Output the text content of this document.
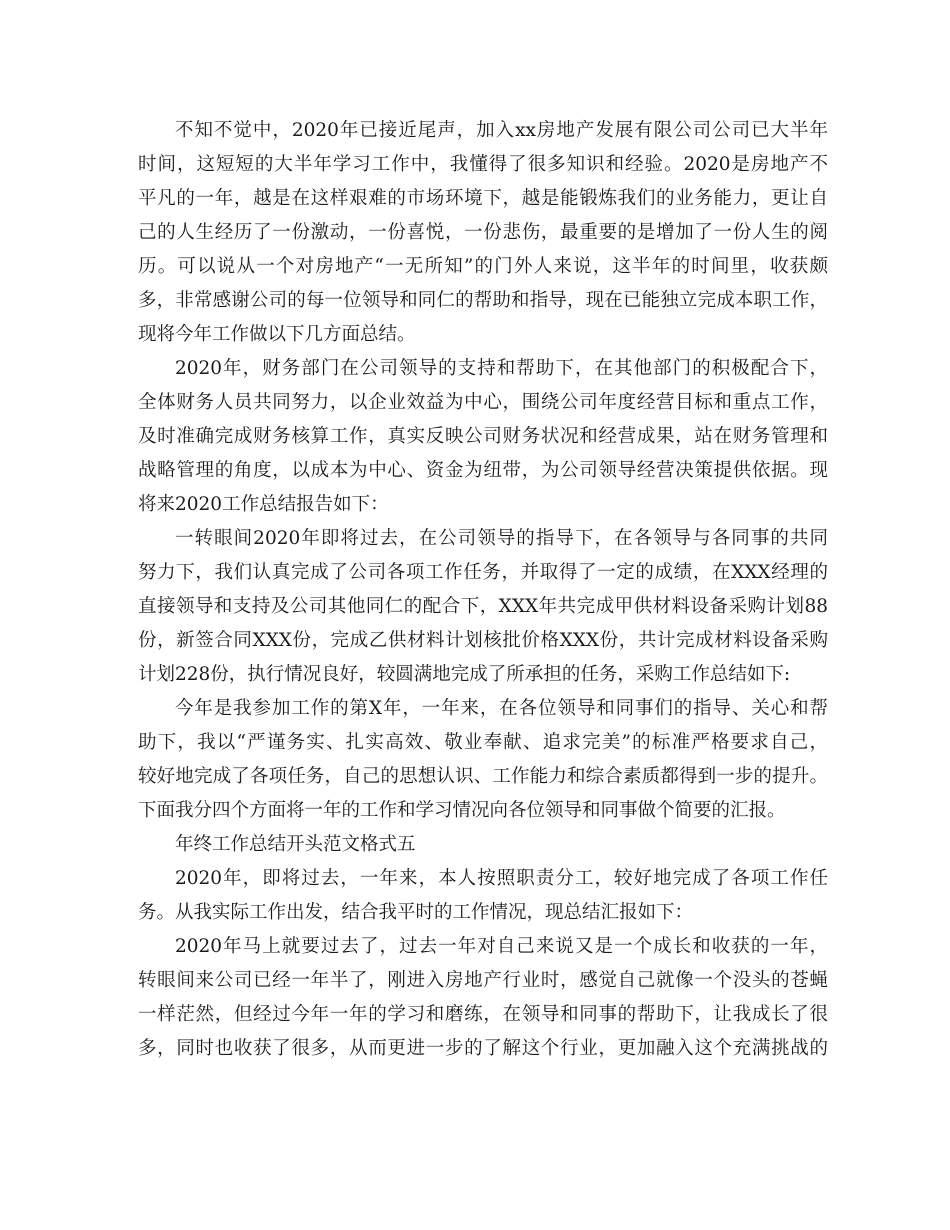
不知不觉中，2020年已接近尾声，加入xx房地产发展有限公司公司已大半年
时间，这短短的大半年学习工作中，我懂得了很多知识和经验。2020是房地产不
平凡的一年，越是在这样艰难的市场环境下，越是能锻炼我们的业务能力，更让自
己的人生经历了一份激动，一份喜悦，一份悲伤，最重要的是增加了一份人生的阅
历。可以说从一个对房地产“一无所知”的门外人来说，这半年的时间里，收获颇
多，非常感谢公司的每一位领导和同仁的帮助和指导，现在已能独立完成本职工作，
现将今年工作做以下几方面总结。
2020年，财务部门在公司领导的支持和帮助下，在其他部门的积极配合下，
全体财务人员共同努力，以企业效益为中心，围绕公司年度经营目标和重点工作，
及时准确完成财务核算工作，真实反映公司财务状况和经营成果，站在财务管理和
战略管理的角度，以成本为中心、资金为纽带，为公司领导经营决策提供依据。现
将来2020工作总结报告如下：
一转眼间2020年即将过去，在公司领导的指导下，在各领导与各同事的共同
努力下，我们认真完成了公司各项工作任务，并取得了一定的成绩，在XXX经理的
直接领导和支持及公司其他同仁的配合下，XXX年共完成甲供材料设备采购计划88
份，新签合同XXX份，完成乙供材料计划核批价格XXX份，共计完成材料设备采购
计划228份，执行情况良好，较圆满地完成了所承担的任务，采购工作总结如下:
今年是我参加工作的第X年，一年来，在各位领导和同事们的指导、关心和帮
助下，我以“严谨务实、扎实高效、敬业奉献、追求完美”的标准严格要求自己，
较好地完成了各项任务，自己的思想认识、工作能力和综合素质都得到一步的提升。
下面我分四个方面将一年的工作和学习情况向各位领导和同事做个简要的汇报。
年终工作总结开头范文格式五
2020年，即将过去，一年来，本人按照职责分工，较好地完成了各项工作任
务。从我实际工作出发，结合我平时的工作情况，现总结汇报如下：
2020年马上就要过去了，过去一年对自己来说又是一个成长和收获的一年，
转眼间来公司已经一年半了，刚进入房地产行业时，感觉自己就像一个没头的苍蝇
一样茫然，但经过今年一年的学习和磨练，在领导和同事的帮助下，让我成长了很
多，同时也收获了很多，从而更进一步的了解这个行业，更加融入这个充满挑战的
